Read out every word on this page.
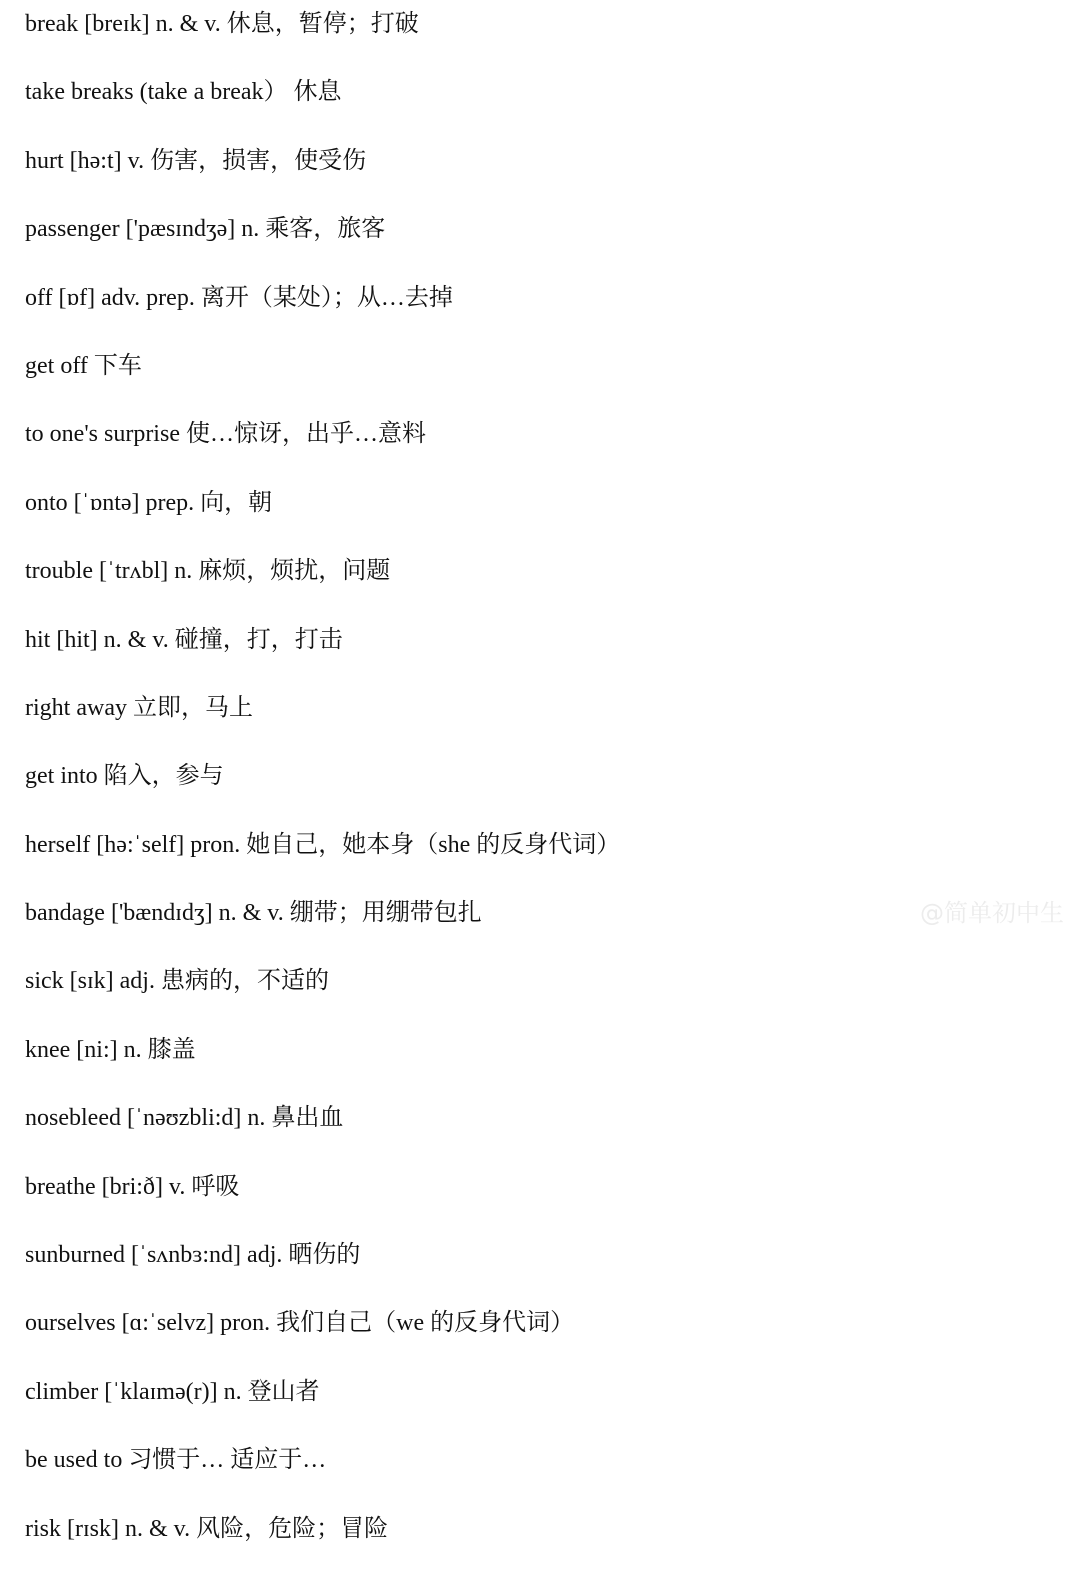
break [breɪk] n. & v. 休息，暂停；打破
take breaks (take a break） 休息
hurt [hə:t] v. 伤害，损害，使受伤
passenger ['pæsɪndʒə] n. 乘客，旅客
off [ɒf] adv. prep. 离开（某处）；从…去掉
get off 下车
to one's surprise 使…惊讶，出乎…意料
onto [ˈɒntə] prep. 向，朝
trouble [ˈtrʌbl] n. 麻烦，烦扰，问题
hit [hit] n. & v. 碰撞，打，打击
right away 立即，马上
get into 陷入，参与
herself [hə:ˈself] pron. 她自己，她本身（she 的反身代词）
bandage ['bændɪdʒ] n. & v. 绷带；用绷带包扎
sick [sɪk] adj. 患病的，不适的
knee [ni:] n. 膝盖
nosebleed [ˈnəʊzbli:d] n. 鼻出血
breathe [bri:ð] v. 呼吸
sunburned [ˈsʌnbɜ:nd] adj. 晒伤的
ourselves [ɑ:ˈselvz] pron. 我们自己（we 的反身代词）
climber [ˈklaɪmə(r)] n. 登山者
be used to 习惯于… 适应于…
risk [rɪsk] n. & v. 风险，危险；冒险
@简单初中生
